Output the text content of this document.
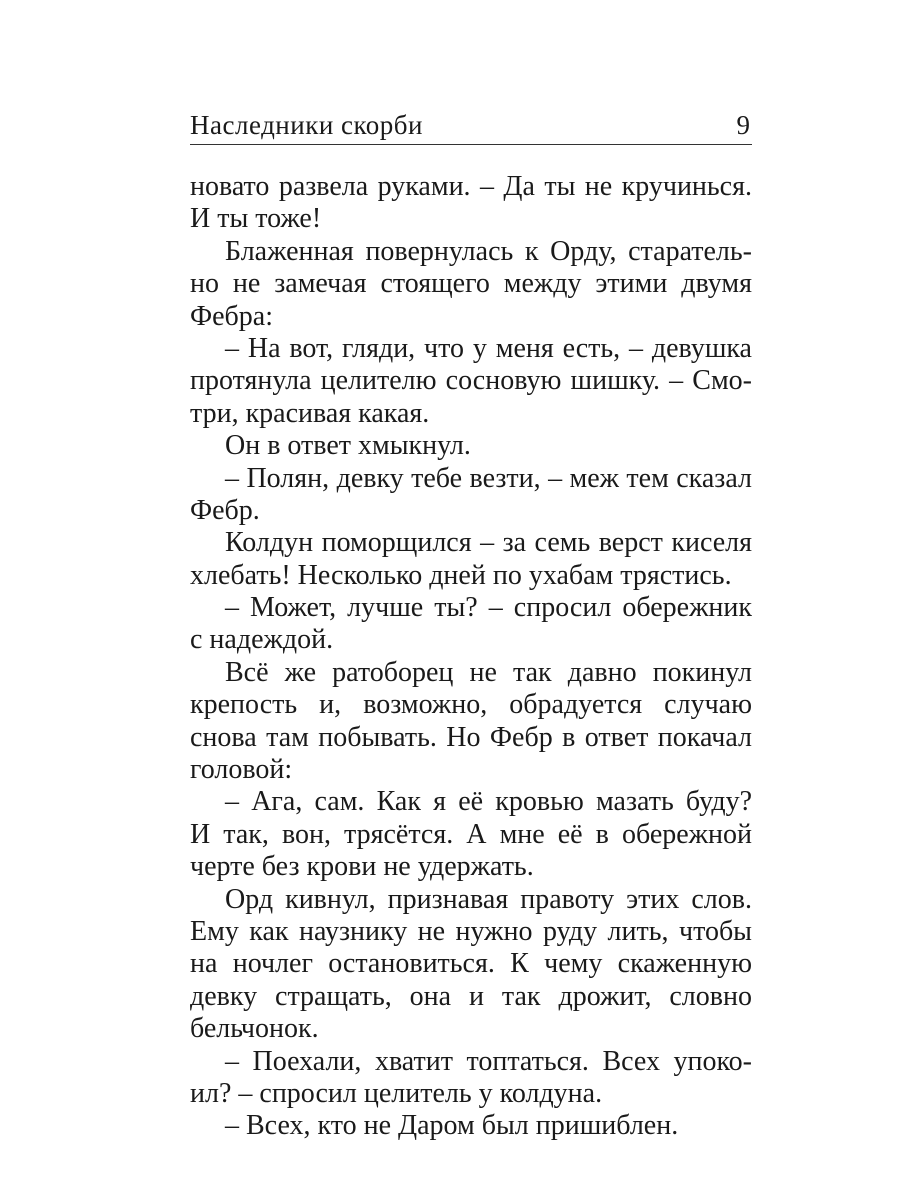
Наследники скорби	9
новато развела руками. – Да ты не кручинься.
И ты тоже!
Блаженная повернулась к Орду, старатель-
но не замечая стоящего между этими двумя
Фебра:
– На вот, гляди, что у меня есть, – девушка
протянула целителю сосновую шишку. – Смо-
три, красивая какая.
Он в ответ хмыкнул.
– Полян, девку тебе везти, – меж тем сказал
Фебр.
Колдун поморщился – за семь верст киселя
хлебать! Несколько дней по ухабам трястись.
– Может, лучше ты? – спросил обережник
с надеждой.
Всё же ратоборец не так давно покинул
крепость и, возможно, обрадуется случаю
снова там побывать. Но Фебр в ответ покачал
головой:
– Ага, сам. Как я её кровью мазать буду?
И так, вон, трясётся. А мне её в обережной
черте без крови не удержать.
Орд кивнул, признавая правоту этих слов.
Ему как наузнику не нужно руду лить, чтобы
на ночлег остановиться. К чему скаженную
девку стращать, она и так дрожит, словно
бельчонок.
– Поехали, хватит топтаться. Всех упоко-
ил? – спросил целитель у колдуна.
– Всех, кто не Даром был пришиблен.
